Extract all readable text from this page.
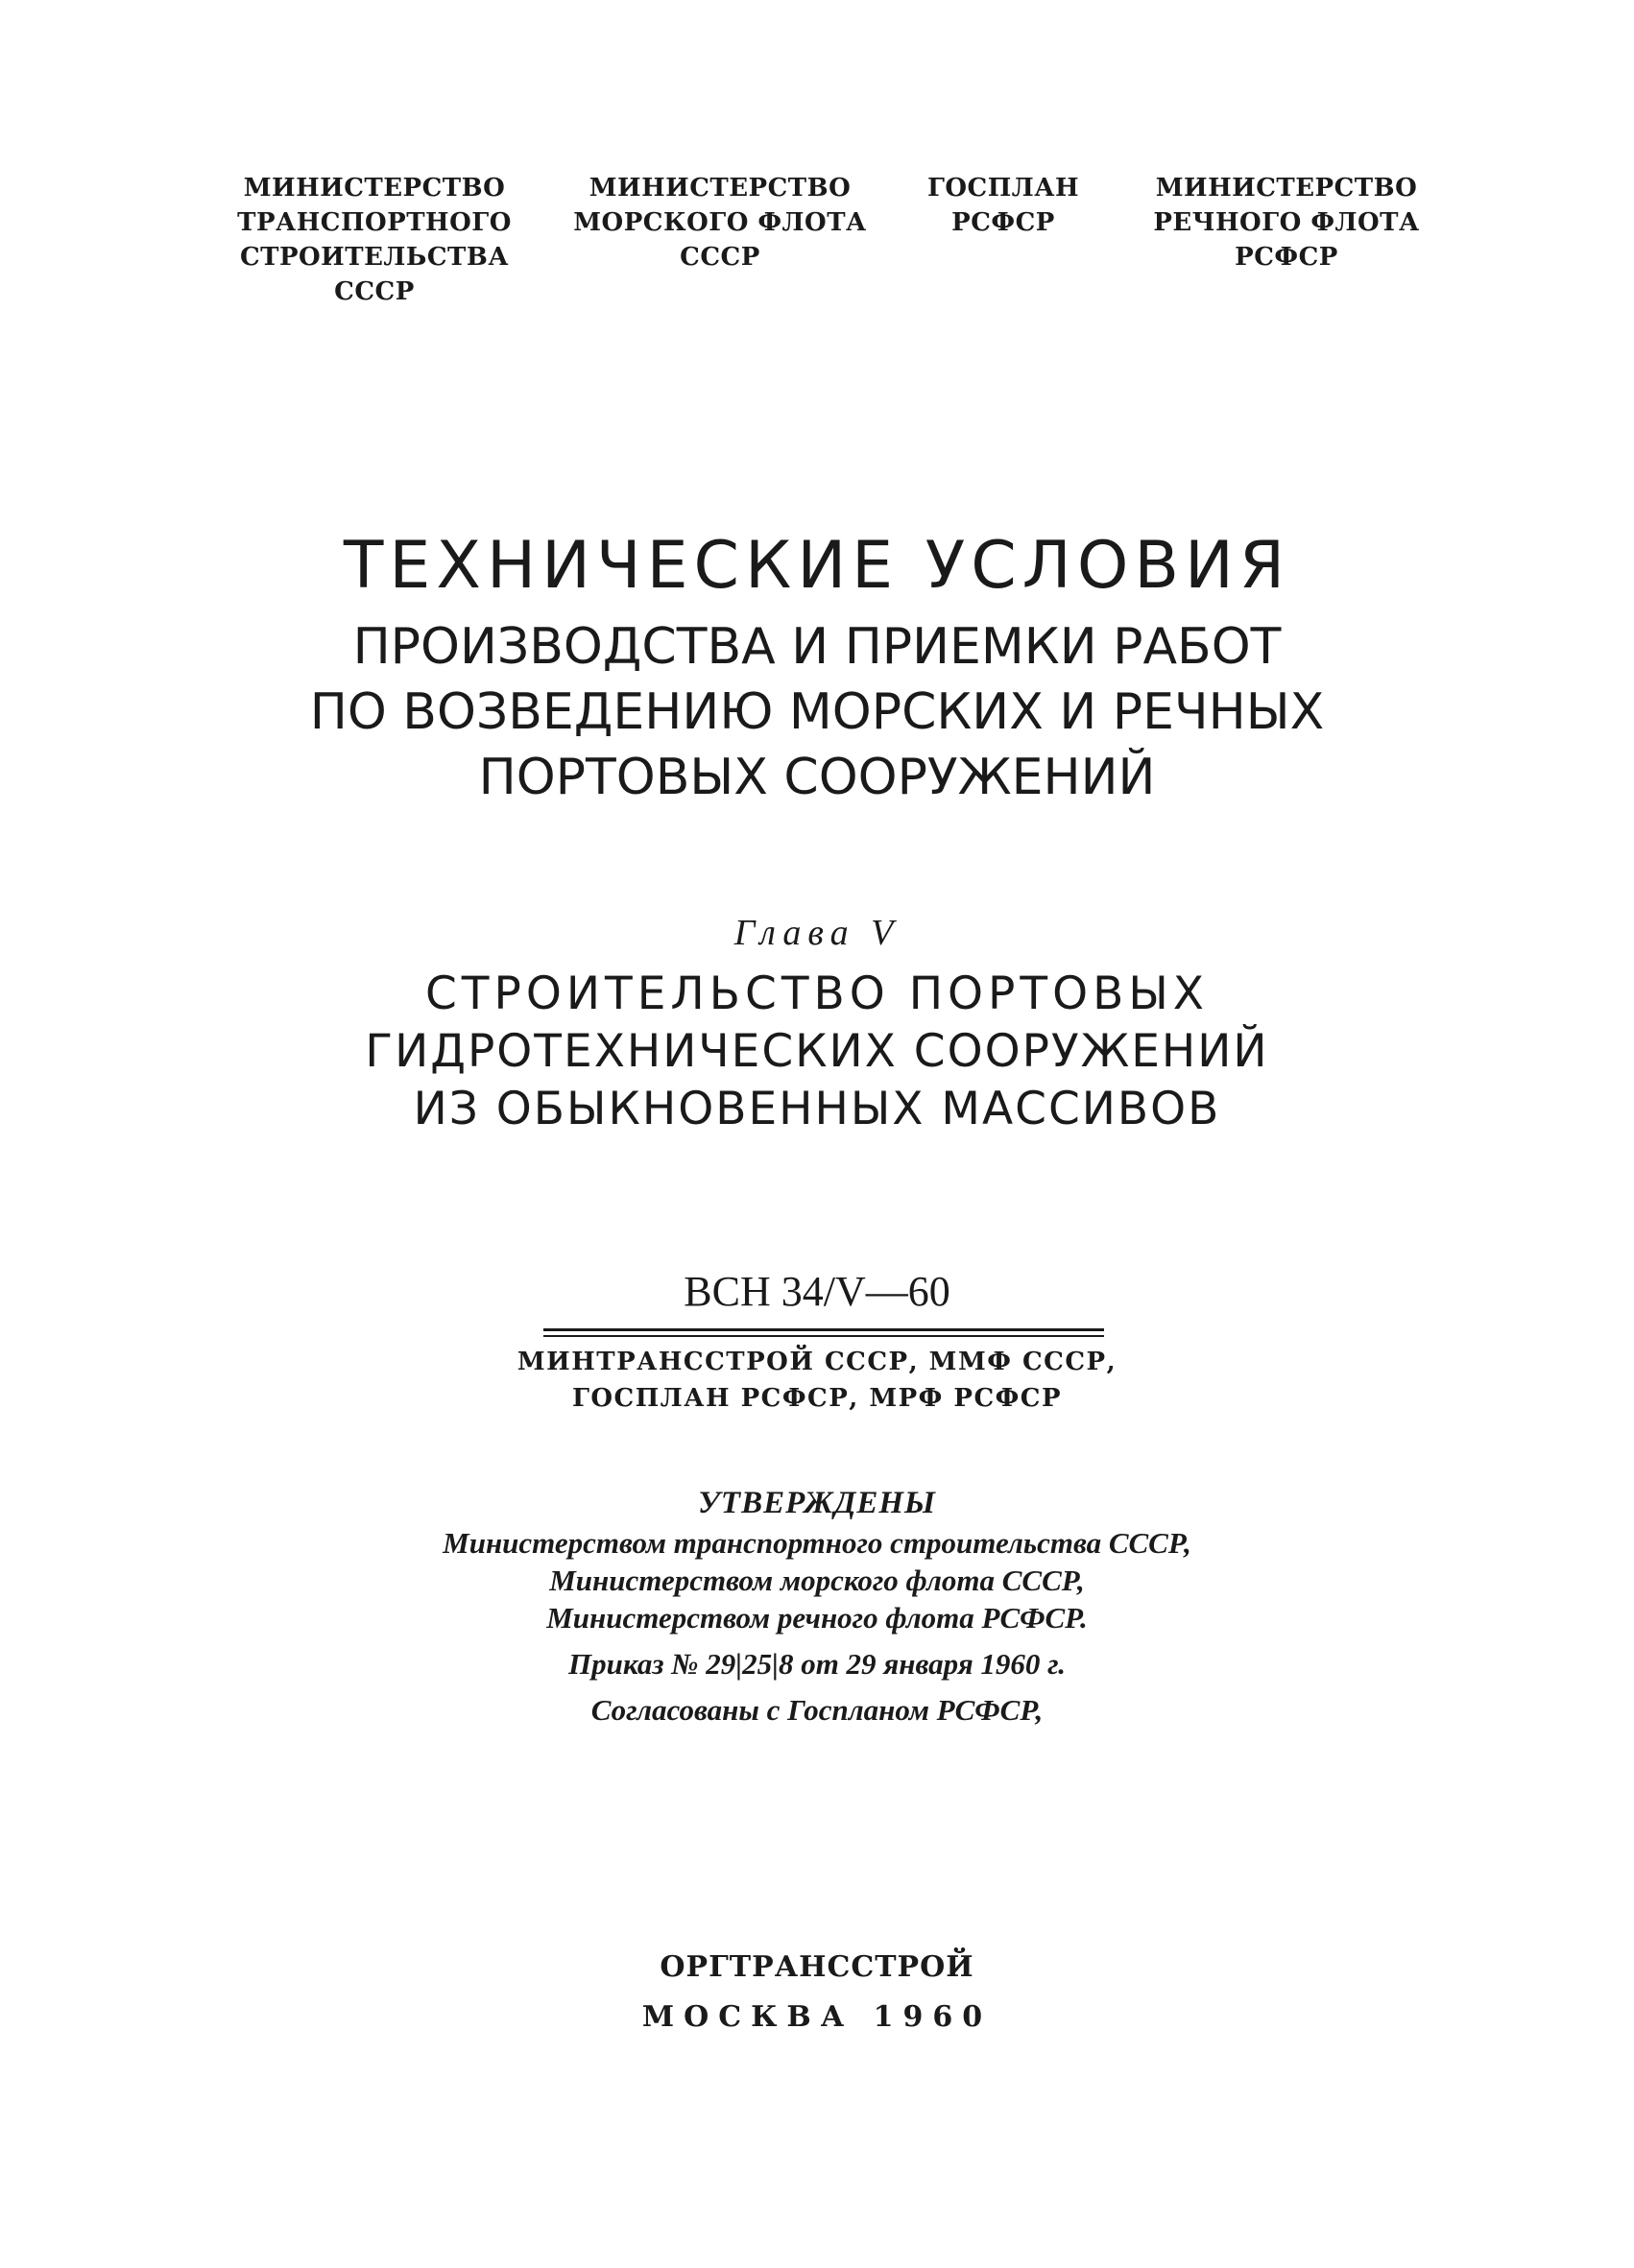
МИНИСТЕРСТВО
ТРАНСПОРТНОГО
СТРОИТЕЛЬСТВА
СССР
МИНИСТЕРСТВО
МОРСКОГО ФЛОТА
СССР
ГОСПЛАН
РСФСР
МИНИСТЕРСТВО
РЕЧНОГО ФЛОТА
РСФСР
ТЕХНИЧЕСКИЕ УСЛОВИЯ
ПРОИЗВОДСТВА И ПРИЕМКИ РАБОТ
ПО ВОЗВЕДЕНИЮ МОРСКИХ И РЕЧНЫХ
ПОРТОВЫХ СООРУЖЕНИЙ
Глава V
СТРОИТЕЛЬСТВО ПОРТОВЫХ
ГИДРОТЕХНИЧЕСКИХ СООРУЖЕНИЙ
ИЗ ОБЫКНОВЕННЫХ МАССИВОВ
ВСН 34/V—60
МИНТРАНССТРОЙ СССР, ММФ СССР,
ГОСПЛАН РСФСР, МРФ РСФСР
УТВЕРЖДЕНЫ
Министерством транспортного строительства СССР,
Министерством морского флота СССР,
Министерством речного флота РСФСР.
Приказ № 29|25|8 от 29 января 1960 г.
Согласованы с Госпланом РСФСР,
ОРГТРАНССТРОЙ
МОСКВА 1960
